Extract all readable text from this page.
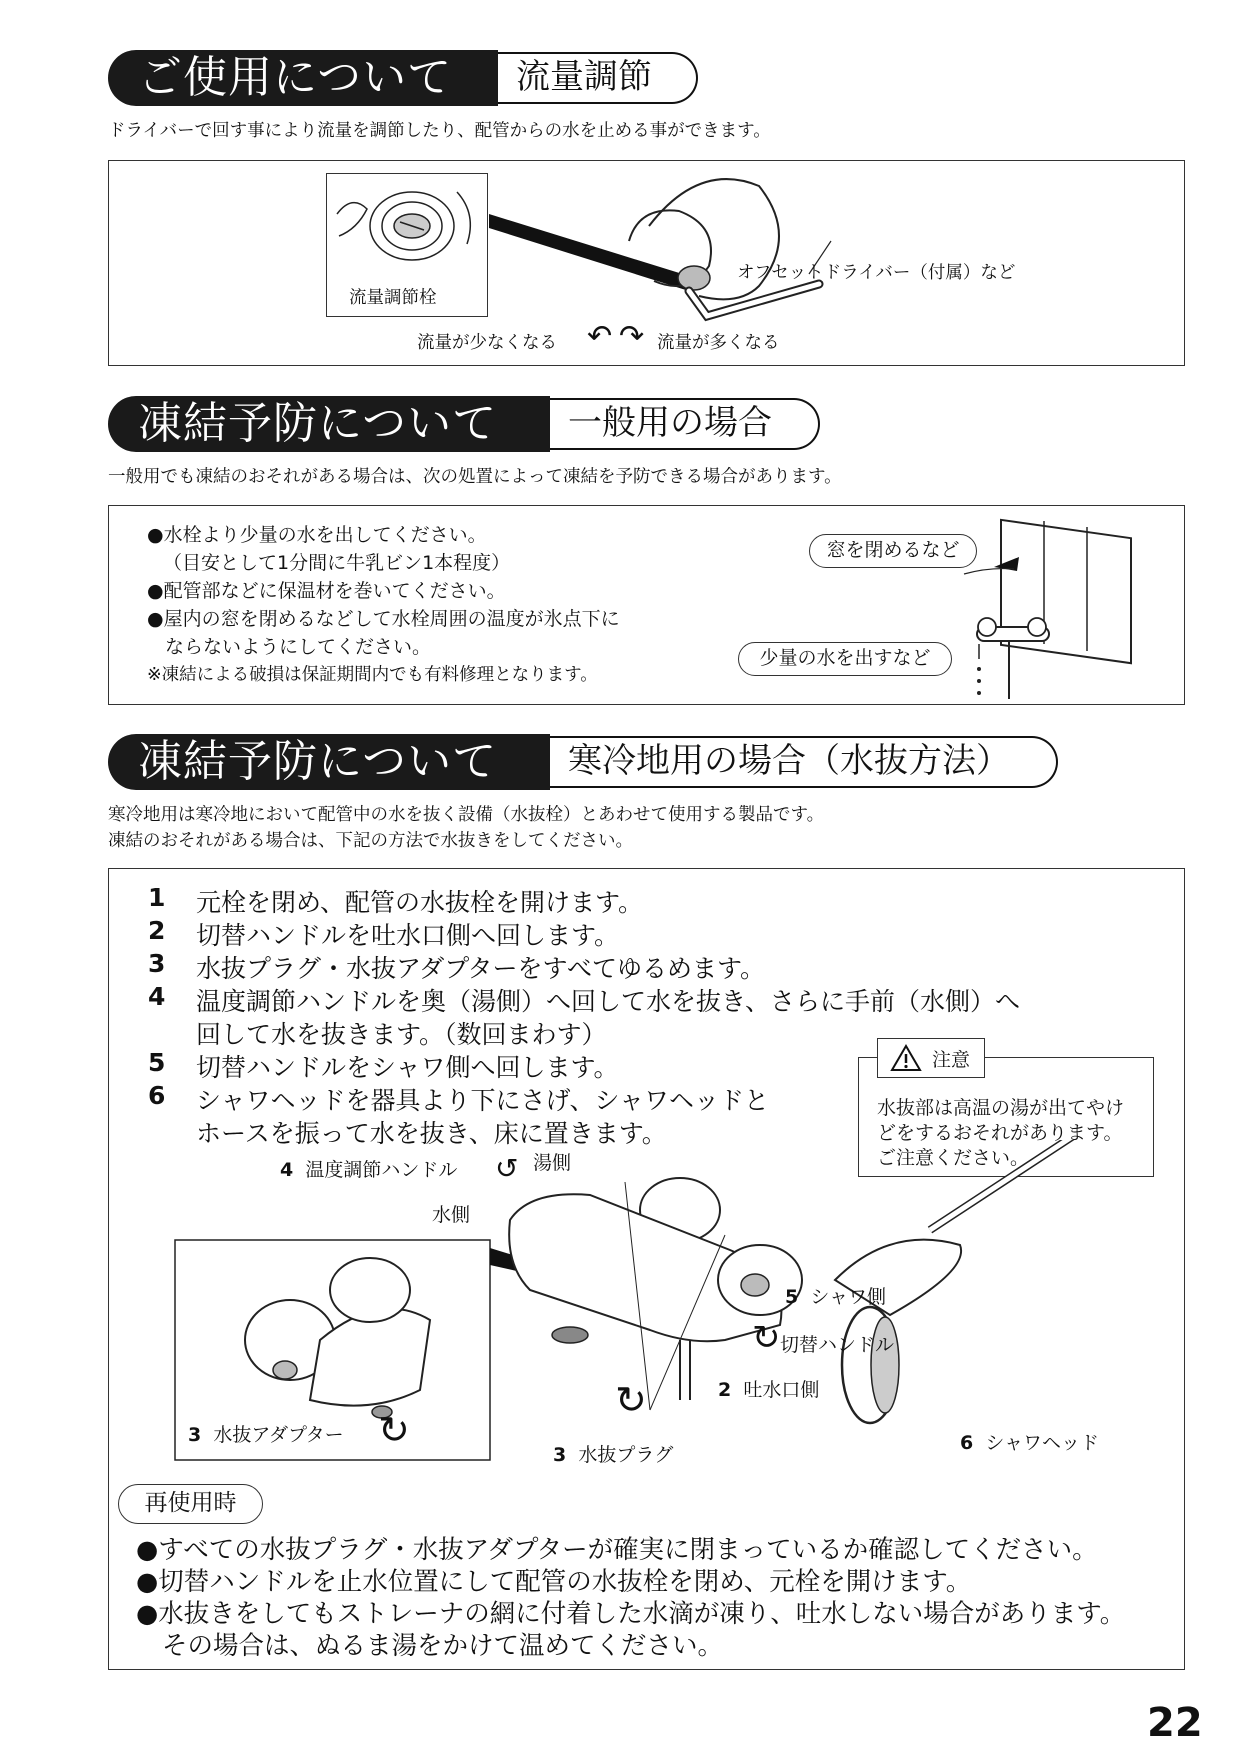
ご使用について	流量調節
ドライバーで回す事により流量を調節したり、配管からの水を止める事ができます。
流量調節栓
オフセットドライバー（付属）など
流量が少なくなる ↶ ↷ 流量が多くなる
凍結予防について	一般用の場合
一般用でも凍結のおそれがある場合は、次の処置によって凍結を予防できる場合があります。
●水栓より少量の水を出してください。
（目安として1分間に牛乳ビン1本程度）
●配管部などに保温材を巻いてください。
●屋内の窓を閉めるなどして水栓周囲の温度が氷点下に
ならないようにしてください。
※凍結による破損は保証期間内でも有料修理となります。
窓を閉めるなど
少量の水を出すなど
凍結予防について	寒冷地用の場合（水抜方法）
寒冷地用は寒冷地において配管中の水を抜く設備（水抜栓）とあわせて使用する製品です。
凍結のおそれがある場合は、下記の方法で水抜きをしてください。
1 元栓を閉め、配管の水抜栓を開けます。
2 切替ハンドルを吐水口側へ回します。
3 水抜プラグ・水抜アダプターをすべてゆるめます。
4 温度調節ハンドルを奥（湯側）へ回して水を抜き、さらに手前（水側）へ
回して水を抜きます。（数回まわす）
5 切替ハンドルをシャワ側へ回します。
6 シャワヘッドを器具より下にさげ、シャワヘッドと
ホースを振って水を抜き、床に置きます。
注意
水抜部は高温の湯が出てやけ
どをするおそれがあります。
ご注意ください。
4 温度調節ハンドル ↺ 湯側
水側
5 シャワ側
↻ 切替ハンドル
2 吐水口側
3 水抜アダプター ↻
↻
3 水抜プラグ
6 シャワヘッド
再使用時
●すべての水抜プラグ・水抜アダプターが確実に閉まっているか確認してください。
●切替ハンドルを止水位置にして配管の水抜栓を閉め、元栓を開けます。
●水抜きをしてもストレーナの網に付着した水滴が凍り、吐水しない場合があります。
その場合は、ぬるま湯をかけて温めてください。
22
